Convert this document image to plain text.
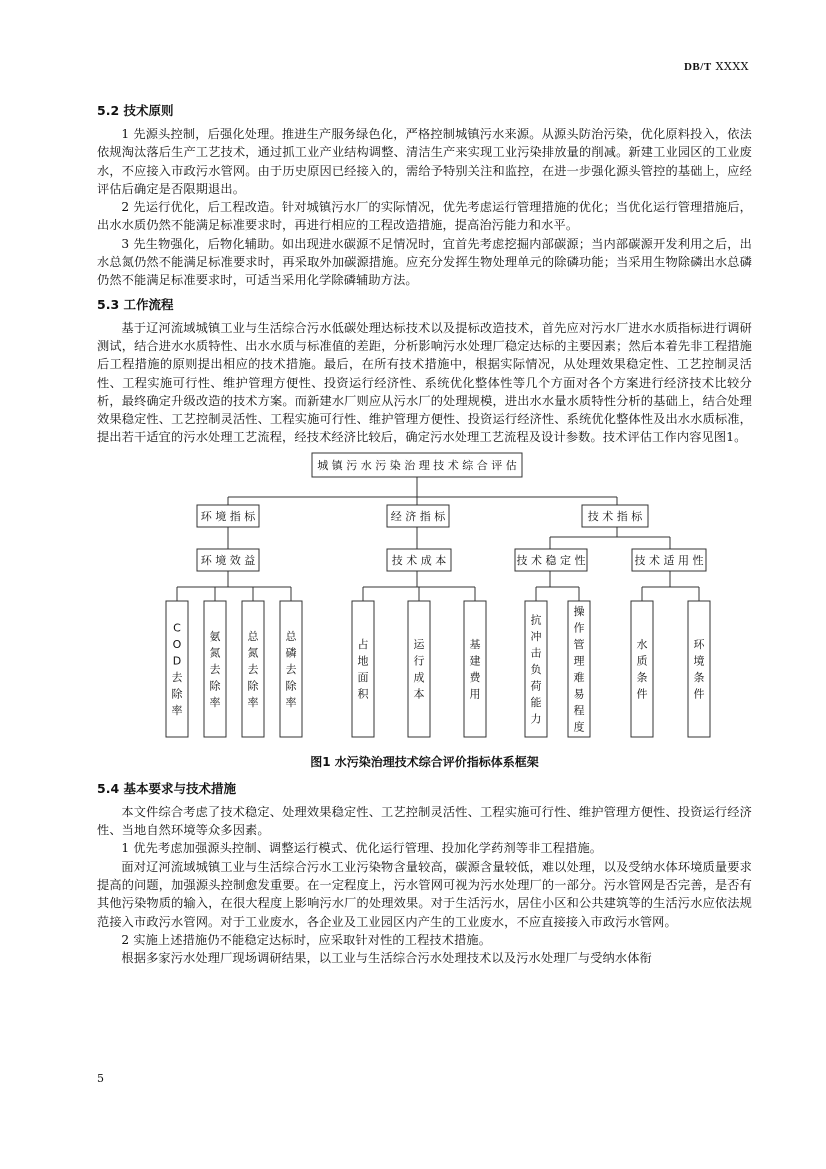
DB/T XXXX
5.2 技术原则

1 先源头控制，后强化处理。推进生产服务绿色化，严格控制城镇污水来源。从源头防治污染，优化原料投入，依法依规淘汰落后生产工艺技术，通过抓工业产业结构调整、清洁生产来实现工业污染排放量的削减。新建工业园区的工业废水，不应接入市政污水管网。由于历史原因已经接入的，需给予特别关注和监控，在进一步强化源头管控的基础上，应经评估后确定是否限期退出。

2 先运行优化，后工程改造。针对城镇污水厂的实际情况，优先考虑运行管理措施的优化；当优化运行管理措施后，出水水质仍然不能满足标准要求时，再进行相应的工程改造措施，提高治污能力和水平。

3 先生物强化，后物化辅助。如出现进水碳源不足情况时，宜首先考虑挖掘内部碳源；当内部碳源开发利用之后，出水总氮仍然不能满足标准要求时，再采取外加碳源措施。应充分发挥生物处理单元的除磷功能；当采用生物除磷出水总磷仍然不能满足标准要求时，可适当采用化学除磷辅助方法。

5.3 工作流程

基于辽河流域城镇工业与生活综合污水低碳处理达标技术以及提标改造技术，首先应对污水厂进水水质指标进行调研测试，结合进水水质特性、出水水质与标准值的差距，分析影响污水处理厂稳定达标的主要因素；然后本着先非工程措施后工程措施的原则提出相应的技术措施。最后，在所有技术措施中，根据实际情况，从处理效果稳定性、工艺控制灵活性、工程实施可行性、维护管理方便性、投资运行经济性、系统优化整体性等几个方面对各个方案进行经济技术比较分析，最终确定升级改造的技术方案。而新建水厂则应从污水厂的处理规模，进出水水量水质特性分析的基础上，结合处理效果稳定性、工艺控制灵活性、工程实施可行性、维护管理方便性、投资运行经济性、系统优化整体性及出水水质标准，提出若干适宜的污水处理工艺流程，经技术经济比较后，确定污水处理工艺流程及设计参数。技术评估工作内容见图1。

城 镇 污 水 污 染 治 理 技 术 综 合 评 估
环 境 指 标	经 济 指 标	技 术 指 标
环 境 效 益	技 术 成 本	技 术 稳 定 性	技 术 适 用 性
C
O
D
去
除
率
氨
氮
去
除
率
总
氮
去
除
率
总
磷
去
除
率
占
地
面
积
运
行
成
本
基
建
费
用
抗
冲
击
负
荷
能
力
操
作
管
理
难
易
程
度
水
质
条
件
环
境
条
件
图1 水污染治理技术综合评价指标体系框架
5.4 基本要求与技术措施

本文件综合考虑了技术稳定、处理效果稳定性、工艺控制灵活性、工程实施可行性、维护管理方便性、投资运行经济性、当地自然环境等众多因素。

1 优先考虑加强源头控制、调整运行模式、优化运行管理、投加化学药剂等非工程措施。

面对辽河流域城镇工业与生活综合污水工业污染物含量较高，碳源含量较低，难以处理，以及受纳水体环境质量要求提高的问题，加强源头控制愈发重要。在一定程度上，污水管网可视为污水处理厂的一部分。污水管网是否完善，是否有其他污染物质的输入，在很大程度上影响污水厂的处理效果。对于生活污水，居住小区和公共建筑等的生活污水应依法规范接入市政污水管网。对于工业废水，各企业及工业园区内产生的工业废水，不应直接接入市政污水管网。

2 实施上述措施仍不能稳定达标时，应采取针对性的工程技术措施。

根据多家污水处理厂现场调研结果，以工业与生活综合污水处理技术以及污水处理厂与受纳水体衔

5
